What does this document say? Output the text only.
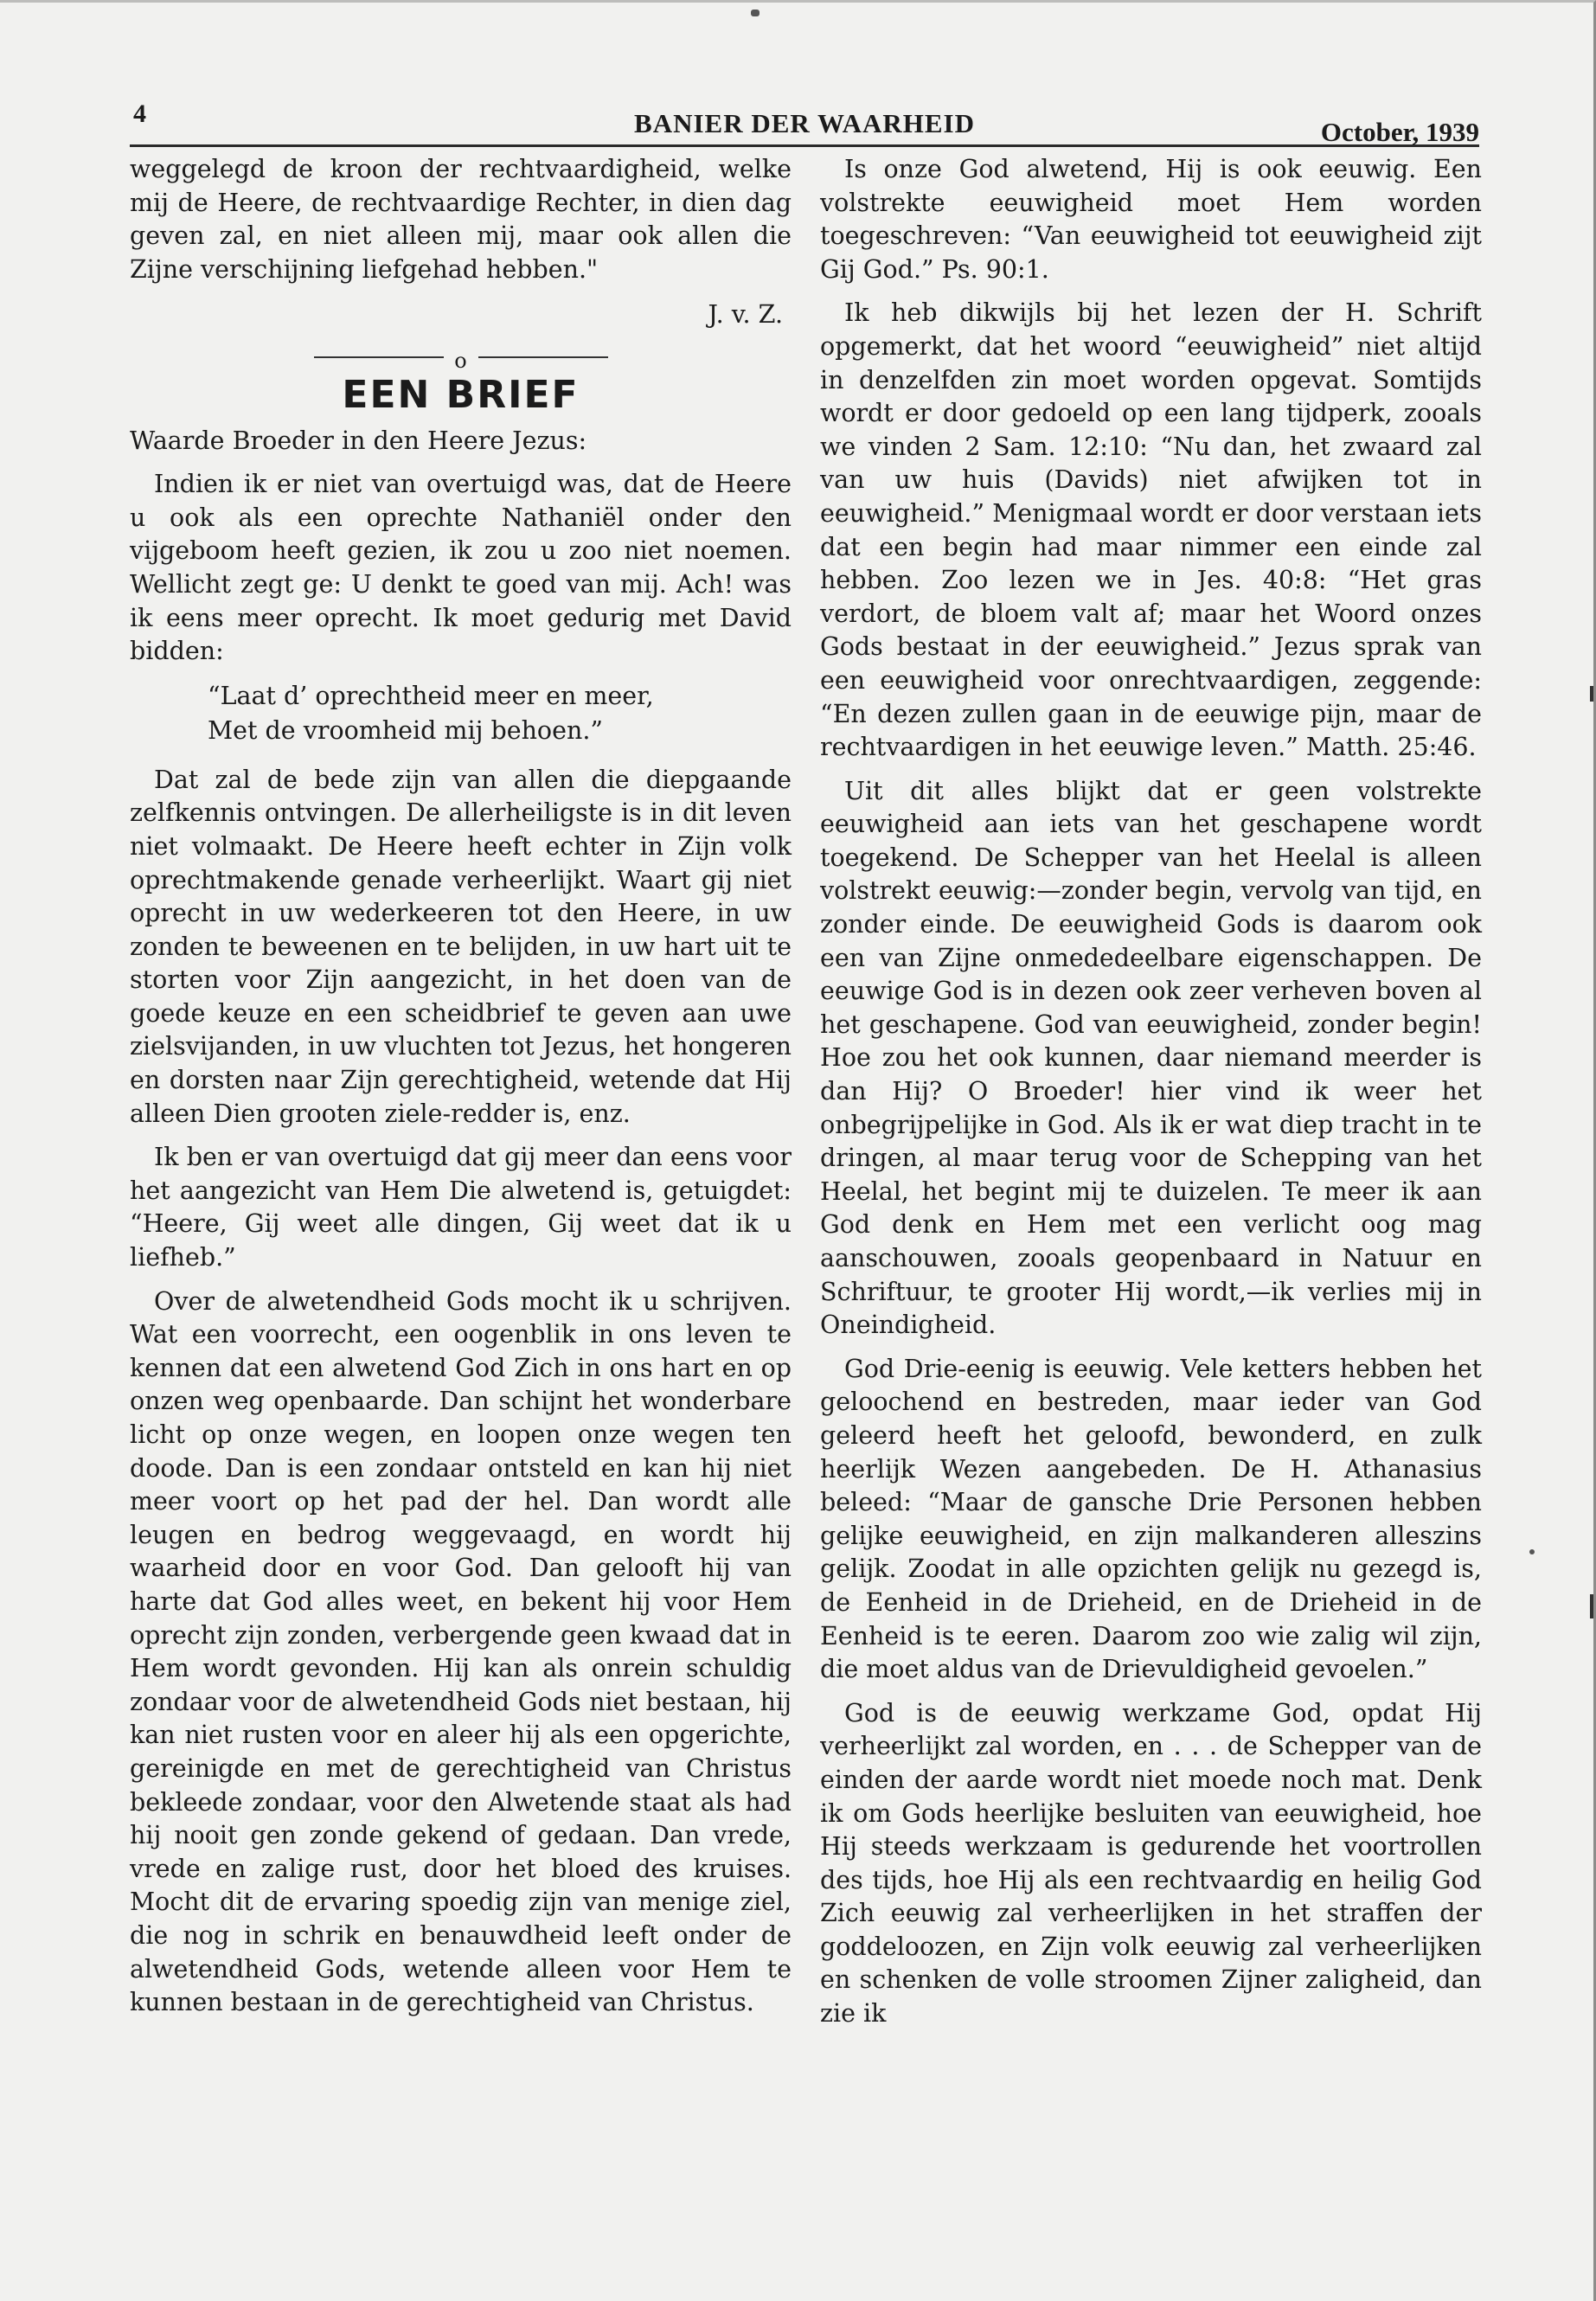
4	BANIER DER WAARHEID	October, 1939

weggelegd de kroon der rechtvaardigheid, welke mij de Heere, de rechtvaardige Rechter, in dien dag geven zal, en niet alleen mij, maar ook allen die Zijne verschijning liefgehad hebben."

J. v. Z.
o
EEN BRIEF

Waarde Broeder in den Heere Jezus:

Indien ik er niet van overtuigd was, dat de Heere u ook als een oprechte Nathaniël onder den vijgeboom heeft gezien, ik zou u zoo niet noemen. Wellicht zegt ge: U denkt te goed van mij. Ach! was ik eens meer oprecht. Ik moet gedurig met David bidden:

“Laat d’ oprechtheid meer en meer,
Met de vroomheid mij behoen.”

Dat zal de bede zijn van allen die diepgaande zelfkennis ontvingen. De allerheiligste is in dit leven niet volmaakt. De Heere heeft echter in Zijn volk oprechtmakende genade verheerlijkt. Waart gij niet oprecht in uw wederkeeren tot den Heere, in uw zonden te beweenen en te belijden, in uw hart uit te storten voor Zijn aangezicht, in het doen van de goede keuze en een scheidbrief te geven aan uwe zielsvijanden, in uw vluchten tot Jezus, het hongeren en dorsten naar Zijn gerechtigheid, wetende dat Hij alleen Dien grooten ziele-redder is, enz.

Ik ben er van overtuigd dat gij meer dan eens voor het aangezicht van Hem Die alwetend is, getuigdet: “Heere, Gij weet alle dingen, Gij weet dat ik u liefheb.”

Over de alwetendheid Gods mocht ik u schrijven. Wat een voorrecht, een oogenblik in ons leven te kennen dat een alwetend God Zich in ons hart en op onzen weg openbaarde. Dan schijnt het wonderbare licht op onze wegen, en loopen onze wegen ten doode. Dan is een zondaar ontsteld en kan hij niet meer voort op het pad der hel. Dan wordt alle leugen en bedrog weggevaagd, en wordt hij waarheid door en voor God. Dan gelooft hij van harte dat God alles weet, en bekent hij voor Hem oprecht zijn zonden, verbergende geen kwaad dat in Hem wordt gevonden. Hij kan als onrein schuldig zondaar voor de alwetendheid Gods niet bestaan, hij kan niet rusten voor en aleer hij als een opgerichte, gereinigde en met de gerechtigheid van Christus bekleede zondaar, voor den Alwetende staat als had hij nooit gen zonde gekend of gedaan. Dan vrede, vrede en zalige rust, door het bloed des kruises. Mocht dit de ervaring spoedig zijn van menige ziel, die nog in schrik en benauwdheid leeft onder de alwetendheid Gods, wetende alleen voor Hem te kunnen bestaan in de gerechtigheid van Christus.

Is onze God alwetend, Hij is ook eeuwig. Een volstrekte eeuwigheid moet Hem worden toegeschreven: “Van eeuwigheid tot eeuwigheid zijt Gij God.” Ps. 90:1.

Ik heb dikwijls bij het lezen der H. Schrift opgemerkt, dat het woord “eeuwigheid” niet altijd in denzelfden zin moet worden opgevat. Somtijds wordt er door gedoeld op een lang tijdperk, zooals we vinden 2 Sam. 12:10: “Nu dan, het zwaard zal van uw huis (Davids) niet afwijken tot in eeuwigheid.” Menigmaal wordt er door verstaan iets dat een begin had maar nimmer een einde zal hebben. Zoo lezen we in Jes. 40:8: “Het gras verdort, de bloem valt af; maar het Woord onzes Gods bestaat in der eeuwigheid.” Jezus sprak van een eeuwigheid voor onrechtvaardigen, zeggende: “En dezen zullen gaan in de eeuwige pijn, maar de rechtvaardigen in het eeuwige leven.” Matth. 25:46.

Uit dit alles blijkt dat er geen volstrekte eeuwigheid aan iets van het geschapene wordt toegekend. De Schepper van het Heelal is alleen volstrekt eeuwig:—zonder begin, vervolg van tijd, en zonder einde. De eeuwigheid Gods is daarom ook een van Zijne onmededeelbare eigenschappen. De eeuwige God is in dezen ook zeer verheven boven al het geschapene. God van eeuwigheid, zonder begin! Hoe zou het ook kunnen, daar niemand meerder is dan Hij? O Broeder! hier vind ik weer het onbegrijpelijke in God. Als ik er wat diep tracht in te dringen, al maar terug voor de Schepping van het Heelal, het begint mij te duizelen. Te meer ik aan God denk en Hem met een verlicht oog mag aanschouwen, zooals geopenbaard in Natuur en Schriftuur, te grooter Hij wordt,—ik verlies mij in Oneindigheid.

God Drie-eenig is eeuwig. Vele ketters hebben het geloochend en bestreden, maar ieder van God geleerd heeft het geloofd, bewonderd, en zulk heerlijk Wezen aangebeden. De H. Athanasius beleed: “Maar de gansche Drie Personen hebben gelijke eeuwigheid, en zijn malkanderen alleszins gelijk. Zoodat in alle opzichten gelijk nu gezegd is, de Eenheid in de Drieheid, en de Drieheid in de Eenheid is te eeren. Daarom zoo wie zalig wil zijn, die moet aldus van de Drievuldigheid gevoelen.”

God is de eeuwig werkzame God, opdat Hij verheerlijkt zal worden, en . . . de Schepper van de einden der aarde wordt niet moede noch mat. Denk ik om Gods heerlijke besluiten van eeuwigheid, hoe Hij steeds werkzaam is gedurende het voortrollen des tijds, hoe Hij als een rechtvaardig en heilig God Zich eeuwig zal verheerlijken in het straffen der goddeloozen, en Zijn volk eeuwig zal verheerlijken en schenken de volle stroomen Zijner zaligheid, dan zie ik
